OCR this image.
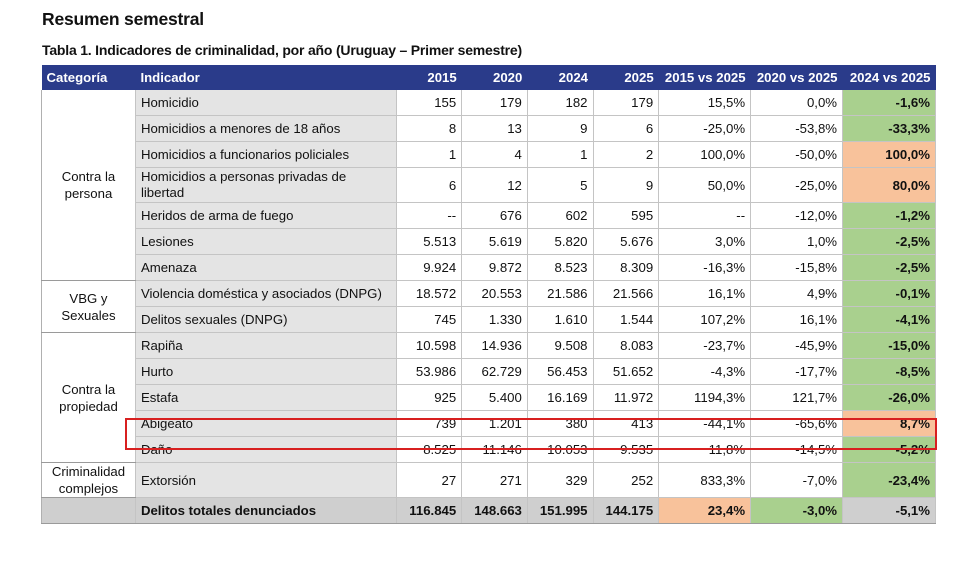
Resumen semestral
Tabla 1. Indicadores de criminalidad, por año (Uruguay – Primer semestre)
Categoría	Indicador	2015	2020	2024	2025	2015 vs 2025	2020 vs 2025	2024 vs 2025
Contra la persona	Homicidio	155	179	182	179	15,5%	0,0%	-1,6%
	Homicidios a menores de 18 años	8	13	9	6	-25,0%	-53,8%	-33,3%
	Homicidios a funcionarios policiales	1	4	1	2	100,0%	-50,0%	100,0%
	Homicidios a personas privadas de libertad	6	12	5	9	50,0%	-25,0%	80,0%
	Heridos de arma de fuego	--	676	602	595	--	-12,0%	-1,2%
	Lesiones	5.513	5.619	5.820	5.676	3,0%	1,0%	-2,5%
	Amenaza	9.924	9.872	8.523	8.309	-16,3%	-15,8%	-2,5%
VBG y Sexuales	Violencia doméstica y asociados (DNPG)	18.572	20.553	21.586	21.566	16,1%	4,9%	-0,1%
	Delitos sexuales (DNPG)	745	1.330	1.610	1.544	107,2%	16,1%	-4,1%
Contra la propiedad	Rapiña	10.598	14.936	9.508	8.083	-23,7%	-45,9%	-15,0%
	Hurto	53.986	62.729	56.453	51.652	-4,3%	-17,7%	-8,5%
	Estafa	925	5.400	16.169	11.972	1194,3%	121,7%	-26,0%
	Abigeato	739	1.201	380	413	-44,1%	-65,6%	8,7%
	Daño	8.525	11.146	10.053	9.535	11,8%	-14,5%	-5,2%
Criminalidad complejos	Extorsión	27	271	329	252	833,3%	-7,0%	-23,4%
	Delitos totales denunciados	116.845	148.663	151.995	144.175	23,4%	-3,0%	-5,1%
